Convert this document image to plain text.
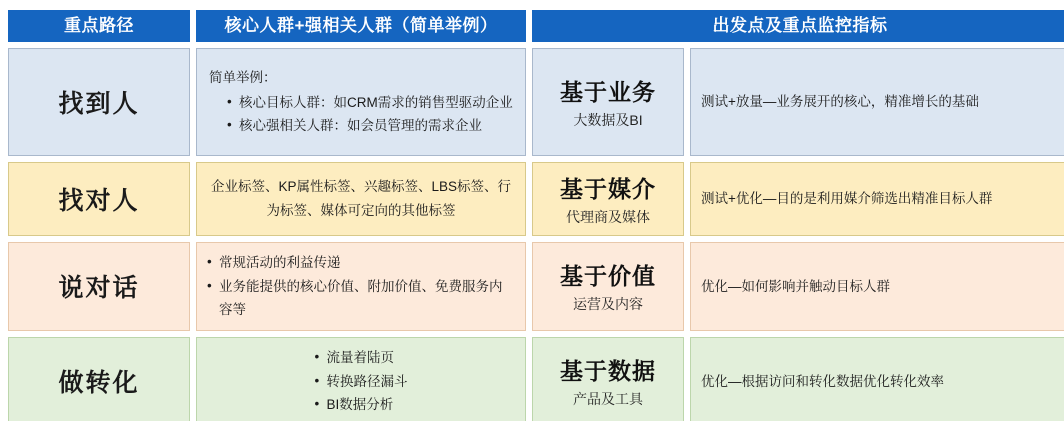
重点路径	核心人群+强相关人群（简单举例）	出发点及重点监控指标
找到人
简单举例：
• 核心目标人群：如CRM需求的销售型驱动企业
• 核心强相关人群：如会员管理的需求企业
基于业务
大数据及BI
测试+放量—业务展开的核心，精准增长的基础
找对人
企业标签、KP属性标签、兴趣标签、LBS标签、行为标签、媒体可定向的其他标签
基于媒介
代理商及媒体
测试+优化—目的是利用媒介筛选出精准目标人群
说对话
• 常规活动的利益传递
• 业务能提供的核心价值、附加价值、免费服务内容等
基于价值
运营及内容
优化—如何影响并触动目标人群
做转化
• 流量着陆页
• 转换路径漏斗
• BI数据分析
基于数据
产品及工具
优化—根据访问和转化数据优化转化效率
